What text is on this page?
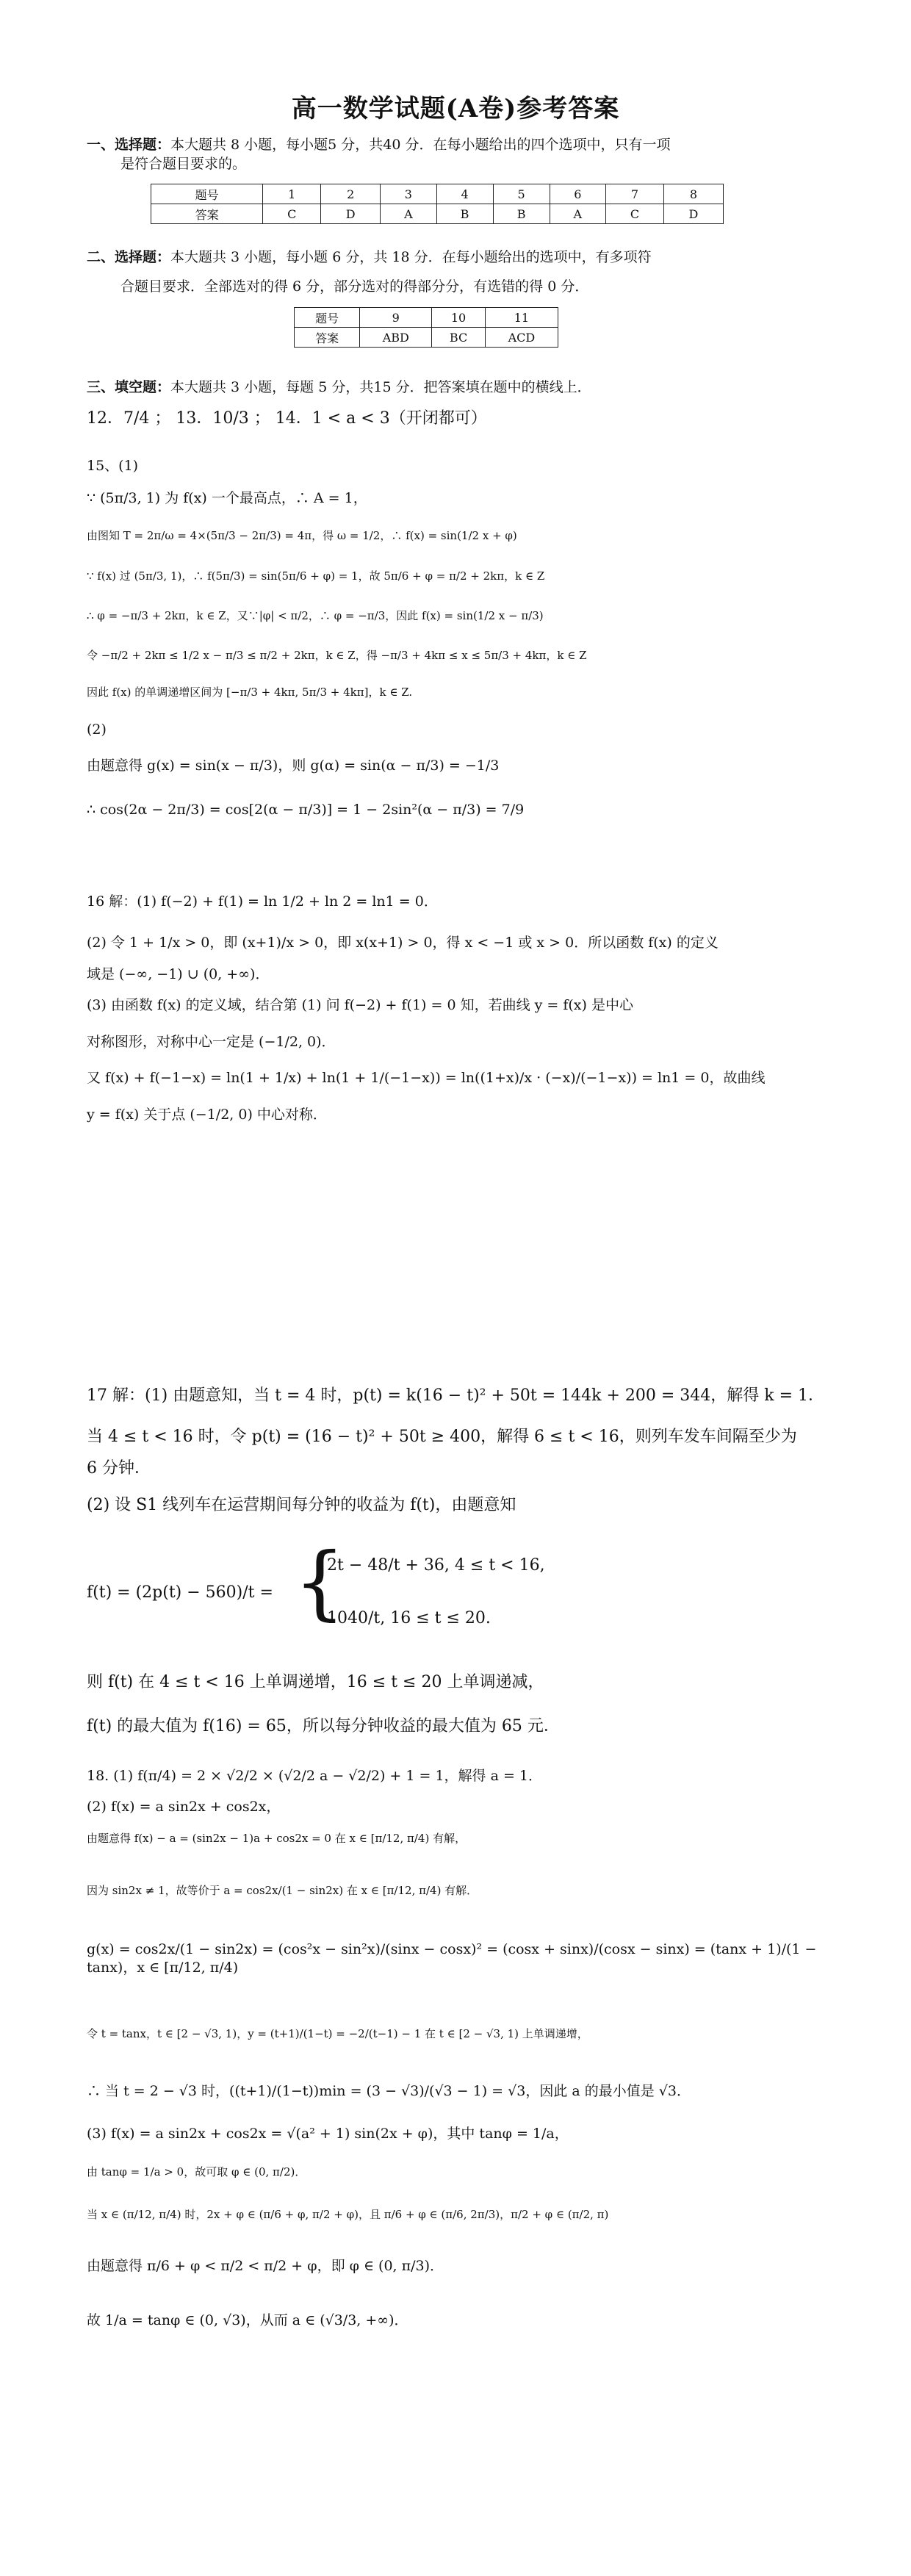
高一数学试题(A卷)参考答案

一、选择题：本大题共 8 小题，每小题5 分，共40 分．在每小题给出的四个选项中，只有一项

是符合题目要求的。

题号	1	2	3	4	5	6	7	8
答案	C	D	A	B	B	A	C	D

二、选择题：本大题共 3 小题，每小题 6 分，共 18 分．在每小题给出的选项中，有多项符

合题目要求．全部选对的得 6 分，部分选对的得部分分，有选错的得 0 分．

题号	9	10	11
答案	ABD	BC	ACD

三、填空题：本大题共 3 小题，每题 5 分，共15 分．把答案填在题中的横线上．

12．7/4 ； 13．10/3 ； 14．1 < a < 3（开闭都可）

15、(1)

∵ (5π/3, 1) 为 f(x) 一个最高点，∴ A = 1，

由图知 T = 2π/ω = 4×(5π/3 − 2π/3) = 4π，得 ω = 1/2，∴ f(x) = sin(1/2 x + φ)

∵ f(x) 过 (5π/3, 1)，∴ f(5π/3) = sin(5π/6 + φ) = 1，故 5π/6 + φ = π/2 + 2kπ，k ∈ Z

∴ φ = −π/3 + 2kπ，k ∈ Z，又∵|φ| < π/2，∴ φ = −π/3，因此 f(x) = sin(1/2 x − π/3)

令 −π/2 + 2kπ ≤ 1/2 x − π/3 ≤ π/2 + 2kπ，k ∈ Z，得 −π/3 + 4kπ ≤ x ≤ 5π/3 + 4kπ，k ∈ Z

因此 f(x) 的单调递增区间为 [−π/3 + 4kπ, 5π/3 + 4kπ]，k ∈ Z.

(2)

由题意得 g(x) = sin(x − π/3)，则 g(α) = sin(α − π/3) = −1/3

∴ cos(2α − 2π/3) = cos[2(α − π/3)] = 1 − 2sin²(α − π/3) = 7/9

16 解：(1) f(−2) + f(1) = ln 1/2 + ln 2 = ln1 = 0．

(2) 令 1 + 1/x > 0，即 (x+1)/x > 0，即 x(x+1) > 0，得 x < −1 或 x > 0．所以函数 f(x) 的定义

域是 (−∞, −1) ∪ (0, +∞)．

(3) 由函数 f(x) 的定义域，结合第 (1) 问 f(−2) + f(1) = 0 知，若曲线 y = f(x) 是中心

对称图形，对称中心一定是 (−1/2, 0)．

又 f(x) + f(−1−x) = ln(1 + 1/x) + ln(1 + 1/(−1−x)) = ln((1+x)/x · (−x)/(−1−x)) = ln1 = 0，故曲线

y = f(x) 关于点 (−1/2, 0) 中心对称．

17 解：(1) 由题意知，当 t = 4 时，p(t) = k(16 − t)² + 50t = 144k + 200 = 344，解得 k = 1．

当 4 ≤ t < 16 时，令 p(t) = (16 − t)² + 50t ≥ 400，解得 6 ≤ t < 16，则列车发车间隔至少为

6 分钟．

(2) 设 S1 线列车在运营期间每分钟的收益为 f(t)，由题意知

f(t) = (2p(t) − 560)/t = {
2t − 48/t + 36, 4 ≤ t < 16,
1040/t, 16 ≤ t ≤ 20.

则 f(t) 在 4 ≤ t < 16 上单调递增，16 ≤ t ≤ 20 上单调递减，

f(t) 的最大值为 f(16) = 65，所以每分钟收益的最大值为 65 元．

18. (1) f(π/4) = 2 × √2/2 × (√2/2 a − √2/2) + 1 = 1，解得 a = 1．

(2) f(x) = a sin2x + cos2x，

由题意得 f(x) − a = (sin2x − 1)a + cos2x = 0 在 x ∈ [π/12, π/4) 有解，

因为 sin2x ≠ 1，故等价于 a = cos2x/(1 − sin2x) 在 x ∈ [π/12, π/4) 有解．

g(x) = cos2x/(1 − sin2x) = (cos²x − sin²x)/(sinx − cosx)² = (cosx + sinx)/(cosx − sinx) = (tanx + 1)/(1 − tanx)，x ∈ [π/12, π/4)

令 t = tanx，t ∈ [2 − √3, 1)，y = (t+1)/(1−t) = −2/(t−1) − 1 在 t ∈ [2 − √3, 1) 上单调递增，

∴ 当 t = 2 − √3 时，((t+1)/(1−t))min = (3 − √3)/(√3 − 1) = √3，因此 a 的最小值是 √3．

(3) f(x) = a sin2x + cos2x = √(a² + 1) sin(2x + φ)，其中 tanφ = 1/a，

由 tanφ = 1/a > 0，故可取 φ ∈ (0, π/2)．

当 x ∈ (π/12, π/4) 时，2x + φ ∈ (π/6 + φ, π/2 + φ)，且 π/6 + φ ∈ (π/6, 2π/3)，π/2 + φ ∈ (π/2, π)

由题意得 π/6 + φ < π/2 < π/2 + φ，即 φ ∈ (0, π/3)．

故 1/a = tanφ ∈ (0, √3)，从而 a ∈ (√3/3, +∞)．
